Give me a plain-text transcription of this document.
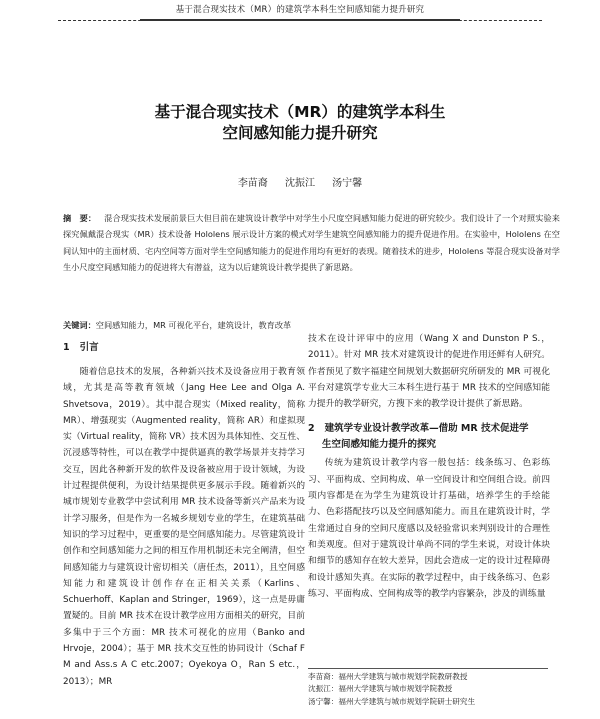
基于混合现实技术（MR）的建筑学本科生空间感知能力提升研究
基于混合现实技术（MR）的建筑学本科生
空间感知能力提升研究
李苗裔 沈振江 汤宁馨
摘　要： 混合现实技术发展前景巨大但目前在建筑设计教学中对学生小尺度空间感知能力促进的研究较少。我们设计了一个对照实验来探究佩戴混合现实（MR）技术设备 Hololens 展示设计方案的模式对学生建筑空间感知能力的提升促进作用。在实验中，Hololens 在空间认知中的主面材质、宅内空间等方面对学生空间感知能力的促进作用均有更好的表现。随着技术的进步，Hololens 等混合现实设备对学生小尺度空间感知能力的促进将大有潜益，这为以后建筑设计教学提供了新思路。
关键词：空间感知能力，MR 可视化平台，建筑设计，教育改革
1 引言

随着信息技术的发展，各种新兴技术及设备应用于教育领域，尤其是高等教育领域（Jang Hee Lee and Olga A. Shvetsova，2019）。其中混合现实（Mixed reality，简称 MR）、增强现实（Augmented reality，简称 AR）和虚拟现实（Virtual reality，简称 VR）技术因为具体知性、交互性、沉浸感等特性，可以在教学中提供逼真的教学场景并支持学习交互，因此各种新开发的软件及设备被应用于设计领域，为设计过程提供便利，为设计结果提供更多展示手段。随着新兴的城市规划专业教学中尝试利用 MR 技术设备等新兴产品来为设计学习服务，但是作为一名城乡规划专业的学生，在建筑基础知识的学习过程中，更重要的是空间感知能力。尽管建筑设计创作和空间感知能力之间的相互作用机制还未完全阐清，但空间感知能力与建筑设计密切相关（唐任杰，2011），且空间感知能力和建筑设计创作存在正相关关系（Karlins、Schuerhoff、Kaplan and Stringer，1969），这一点是毋庸置疑的。目前 MR 技术在设计教学应用方面相关的研究，目前多集中于三个方面：MR 技术可视化的应用（Banko and Hrvoje，2004）；基于 MR 技术交互性的协同设计（Schaf F M and Ass.s A C etc.2007；Oyekoya O，Ran S etc.，2013）；MR

技术在设计评审中的应用（Wang X and Dunston P S.，2011）。针对 MR 技术对建筑设计的促进作用还鲜有人研究。作者预见了数字福建空间规划大数据研究所研发的 MR 可视化平台对建筑学专业大三本科生进行基于 MR 技术的空间感知能力提升的教学研究，方搜下来的教学设计提供了新思路。

2 建筑学专业设计教学改革—借助 MR 技术促进学
生空间感知能力提升的探究

传统为建筑设计教学内容一般包括：线条练习、色彩练习、平面构成、空间构成、单一空间设计和空间组合设。前四项内容都是在为学生为建筑设计打基础，培养学生的手绘能力、色彩搭配技巧以及空间感知能力。而且在建筑设计时，学生常通过自身的空间尺度感以及轻验常识来判别设计的合理性和美观度。但对于建筑设计单尚不同的学生来说，对设计体块和细节的感知存在较大差异，因此会造成一定的设计过程障碍和设计感知失真。在实际的教学过程中，由于线条练习、色彩练习、平面构成、空间构成等的教学内容繁杂，涉及的训练量

李苗裔：福州大学建筑与城市规划学院教研教授
沈振江：福州大学建筑与城市规划学院教授
汤宁馨：福州大学建筑与城市规划学院研士研究生
